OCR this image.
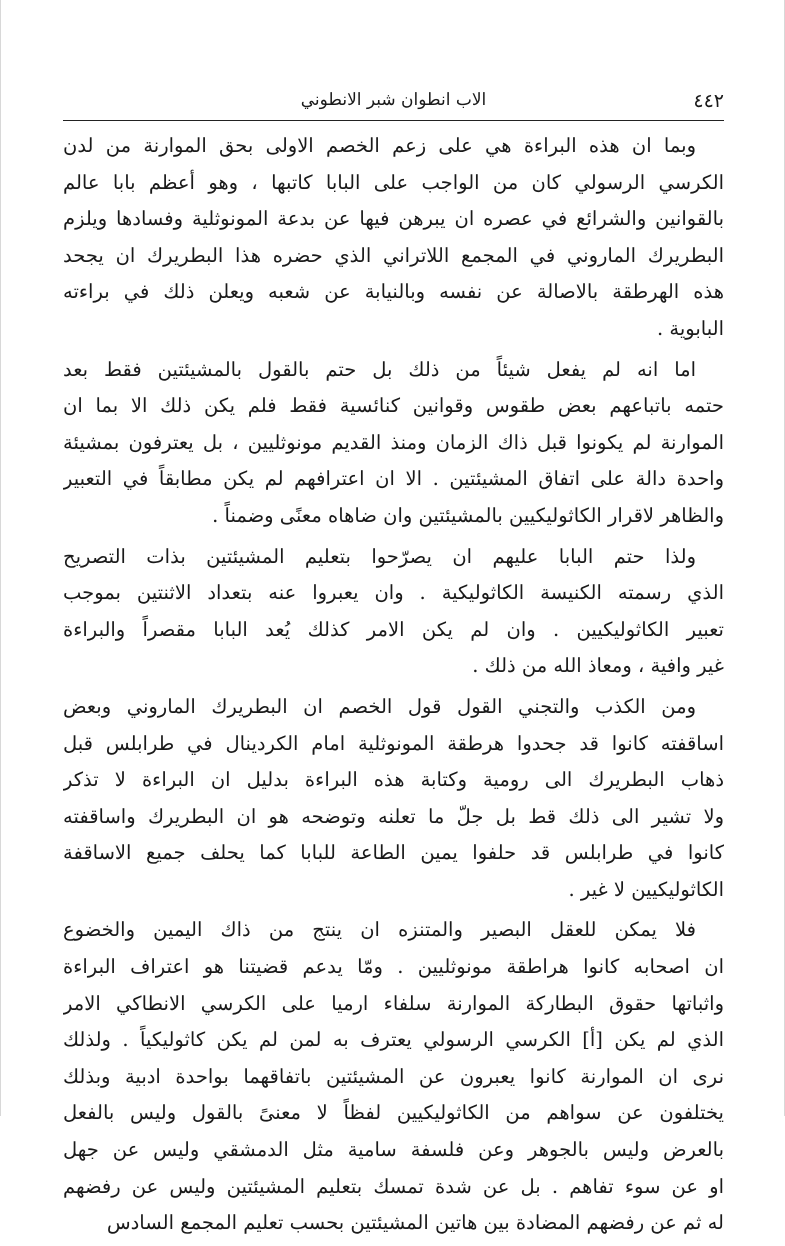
٤٤٢
الاب انطوان شبر الانطوني
وبما ان هذه البراءة هي على زعم الخصم الاولى بحق الموارنة من لدن
الكرسي الرسولي كان من الواجب على البابا كاتبها ، وهو أعظم بابا عالم
بالقوانين والشرائع في عصره ان يبرهن فيها عن بدعة المونوثلية وفسادها ويلزم
البطريرك الماروني في المجمع اللاتراني الذي حضره هذا البطريرك ان يجحد
هذه الهرطقة بالاصالة عن نفسه وبالنيابة عن شعبه ويعلن ذلك في براءته
البابوية .
اما انه لم يفعل شيئاً من ذلك بل حتم بالقول بالمشيئتين فقط بعد
حتمه باتباعهم بعض طقوس وقوانين كنائسية فقط فلم يكن ذلك الا بما ان
الموارنة لم يكونوا قبل ذاك الزمان ومنذ القديم مونوثليين ، بل يعترفون بمشيئة
واحدة دالة على اتفاق المشيئتين . الا ان اعترافهم لم يكن مطابقاً في التعبير
والظاهر لاقرار الكاثوليكيين بالمشيئتين وان ضاهاه معنًى وضمناً .
ولذا حتم البابا عليهم ان يصرّحوا بتعليم المشيئتين بذات التصريح
الذي رسمته الكنيسة الكاثوليكية . وان يعبروا عنه بتعداد الاثنتين بموجب
تعبير الكاثوليكيين . وان لم يكن الامر كذلك يُعد البابا مقصراً والبراءة
غير وافية ، ومعاذ الله من ذلك .
ومن الكذب والتجني القول قول الخصم ان البطريرك الماروني وبعض
اساقفته كانوا قد جحدوا هرطقة المونوثلية امام الكردينال في طرابلس قبل
ذهاب البطريرك الى رومية وكتابة هذه البراءة بدليل ان البراءة لا تذكر
ولا تشير الى ذلك قط بل جلّ ما تعلنه وتوضحه هو ان البطريرك واساقفته
كانوا في طرابلس قد حلفوا يمين الطاعة للبابا كما يحلف جميع الاساقفة
الكاثوليكيين لا غير .
فلا يمكن للعقل البصير والمتنزه ان ينتج من ذاك اليمين والخضوع
ان اصحابه كانوا هراطقة مونوثليين . ومّا يدعم قضيتنا هو اعتراف البراءة
واثباتها حقوق البطاركة الموارنة سلفاء ارميا على الكرسي الانطاكي الامر
الذي لم يكن [أ] الكرسي الرسولي يعترف به لمن لم يكن كاثوليكياً . ولذلك
نرى ان الموارنة كانوا يعبرون عن المشيئتين باتفاقهما بواحدة ادبية وبذلك
يختلفون عن سواهم من الكاثوليكيين لفظاً لا معنىً بالقول وليس بالفعل
بالعرض وليس بالجوهر وعن فلسفة سامية مثل الدمشقي وليس عن جهل
او عن سوء تفاهم . بل عن شدة تمسك بتعليم المشيئتين وليس عن رفضهم
له ثم عن رفضهم المضادة بين هاتين المشيئتين بحسب تعليم المجمع السادس
